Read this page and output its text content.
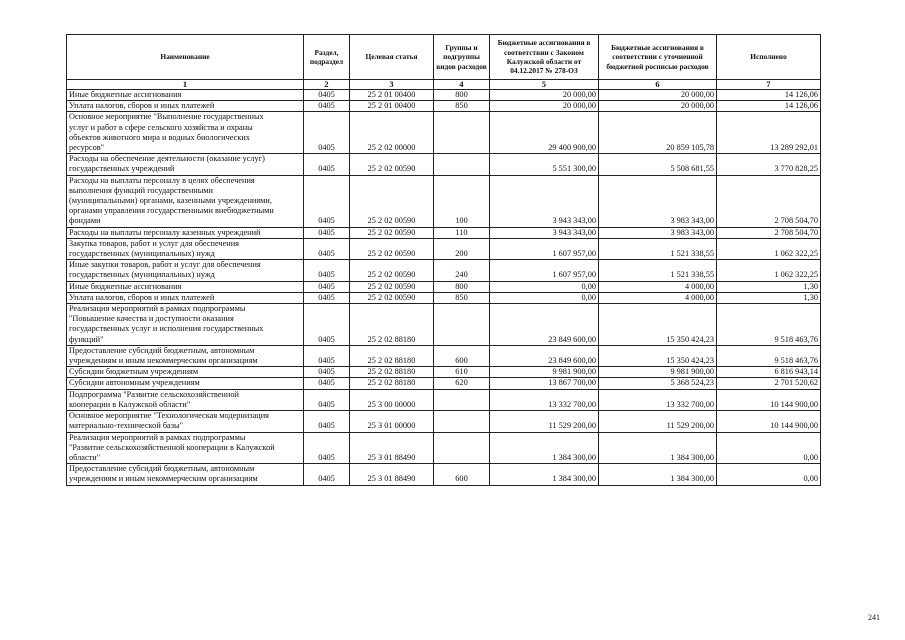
Наименование	Раздел, подраздел	Целевая статья	Группы и подгруппы видов расходов	Бюджетные ассигнования в соответствии с Законом Калужской области от 04.12.2017 № 278-ОЗ	Бюджетные ассигнования в соответствии с уточненной бюджетной росписью расходов	Исполнено
1	2	3	4	5	6	7
Иные бюджетные ассигнования	0405	25 2 01 00400	800	20 000,00	20 000,00	14 126,06
Уплата налогов, сборов и иных платежей	0405	25 2 01 00400	850	20 000,00	20 000,00	14 126,06
Основное мероприятие "Выполнение государственных
услуг и работ в сфере сельского хозяйства и охраны
объектов животного мира и водных биологических
ресурсов"	0405	25 2 02 00000		29 400 900,00	20 859 105,78	13 289 292,01
Расходы на обеспечение деятельности (оказание услуг)
государственных учреждений	0405	25 2 02 00590		5 551 300,00	5 508 681,55	3 770 828,25
Расходы на выплаты персоналу в целях обеспечения
выполнения функций государственными
(муниципальными) органами, казенными учреждениями,
органами управления государственными внебюджетными
фондами	0405	25 2 02 00590	100	3 943 343,00	3 983 343,00	2 708 504,70
Расходы на выплаты персоналу казенных учреждений	0405	25 2 02 00590	110	3 943 343,00	3 983 343,00	2 708 504,70
Закупка товаров, работ и услуг для обеспечения
государственных (муниципальных) нужд	0405	25 2 02 00590	200	1 607 957,00	1 521 338,55	1 062 322,25
Иные закупки товаров, работ и услуг для обеспечения
государственных (муниципальных) нужд	0405	25 2 02 00590	240	1 607 957,00	1 521 338,55	1 062 322,25
Иные бюджетные ассигнования	0405	25 2 02 00590	800	0,00	4 000,00	1,30
Уплата налогов, сборов и иных платежей	0405	25 2 02 00590	850	0,00	4 000,00	1,30
Реализация мероприятий в рамках подпрограммы
"Повышение качества и доступности оказания
государственных услуг и исполнения государственных
функций"	0405	25 2 02 88180		23 849 600,00	15 350 424,23	9 518 463,76
Предоставление субсидий бюджетным, автономным
учреждениям и иным некоммерческим организациям	0405	25 2 02 88180	600	23 849 600,00	15 350 424,23	9 518 463,76
Субсидии бюджетным учреждениям	0405	25 2 02 88180	610	9 981 900,00	9 981 900,00	6 816 943,14
Субсидии автономным учреждениям	0405	25 2 02 88180	620	13 867 700,00	5 368 524,23	2 701 520,62
Подпрограмма "Развитие сельскохозяйственной
кооперации в Калужской области"	0405	25 3 00 00000		13 332 700,00	13 332 700,00	10 144 900,00
Основное мероприятие "Технологическая модернизация
материально-технической базы"	0405	25 3 01 00000		11 529 200,00	11 529 200,00	10 144 900,00
Реализация мероприятий в рамках подпрограммы
"Развитие сельскохозяйственной кооперации в Калужской
области"	0405	25 3 01 88490		1 384 300,00	1 384 300,00	0,00
Предоставление субсидий бюджетным, автономным
учреждениям и иным некоммерческим организациям	0405	25 3 01 88490	600	1 384 300,00	1 384 300,00	0,00
241
